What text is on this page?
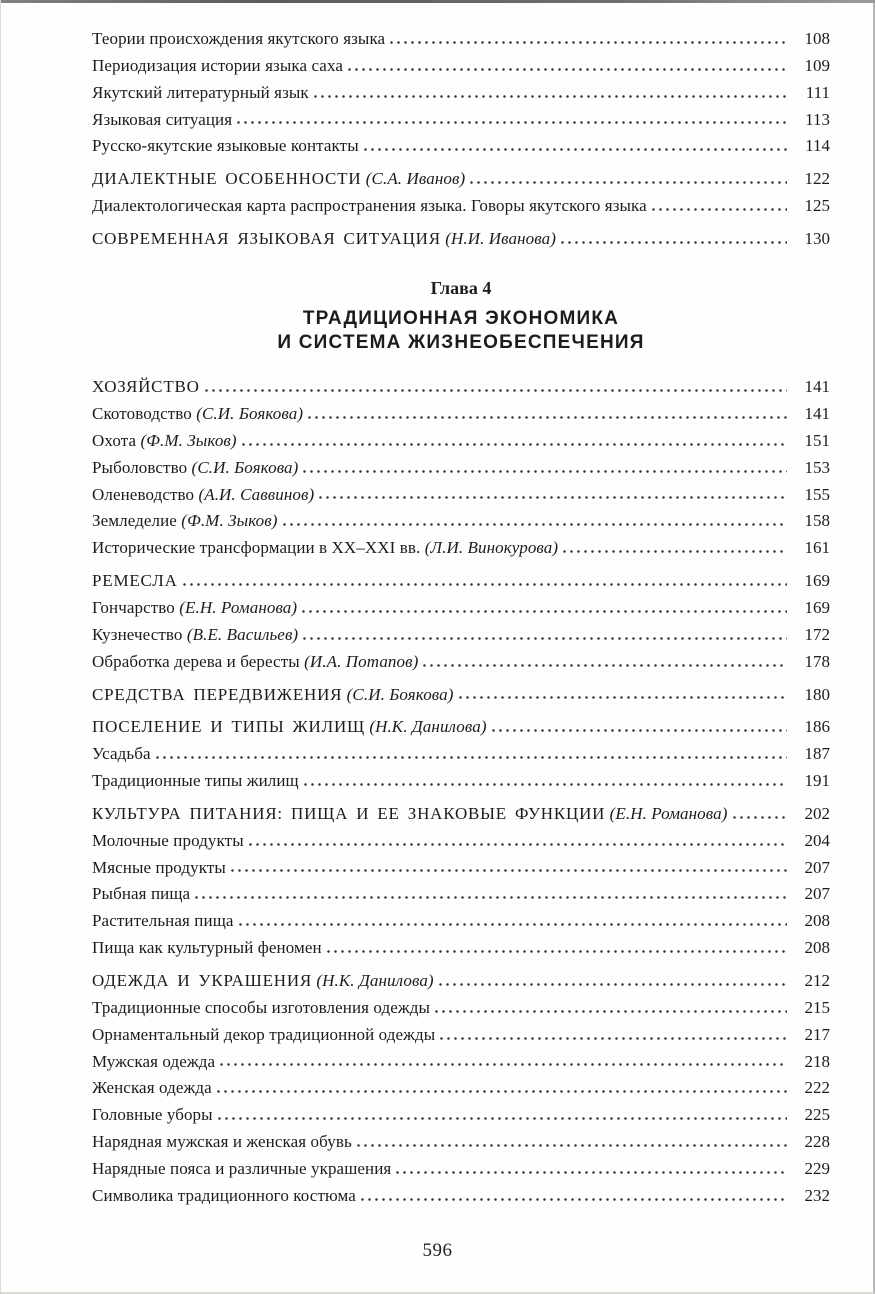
Теории происхождения якутского языка	108
Периодизация истории языка саха	109
Якутский литературный язык	111
Языковая ситуация	113
Русско-якутские языковые контакты	114
ДИАЛЕКТНЫЕ ОСОБЕННОСТИ (С.А. Иванов)	122
Диалектологическая карта распространения языка. Говоры якутского языка	125
СОВРЕМЕННАЯ ЯЗЫКОВАЯ СИТУАЦИЯ (Н.И. Иванова)	130
Глава 4
ТРАДИЦИОННАЯ ЭКОНОМИКА
И СИСТЕМА ЖИЗНЕОБЕСПЕЧЕНИЯ
ХОЗЯЙСТВО	141
Скотоводство (С.И. Боякова)	141
Охота (Ф.М. Зыков)	151
Рыболовство (С.И. Боякова)	153
Оленеводство (А.И. Саввинов)	155
Земледелие (Ф.М. Зыков)	158
Исторические трансформации в XX–XXI вв. (Л.И. Винокурова)	161
РЕМЕСЛА	169
Гончарство (Е.Н. Романова)	169
Кузнечество (В.Е. Васильев)	172
Обработка дерева и бересты (И.А. Потапов)	178
СРЕДСТВА ПЕРЕДВИЖЕНИЯ (С.И. Боякова)	180
ПОСЕЛЕНИЕ И ТИПЫ ЖИЛИЩ (Н.К. Данилова)	186
Усадьба	187
Традиционные типы жилищ	191
КУЛЬТУРА ПИТАНИЯ: ПИЩА И ЕЕ ЗНАКОВЫЕ ФУНКЦИИ (Е.Н. Романова)	202
Молочные продукты	204
Мясные продукты	207
Рыбная пища	207
Растительная пища	208
Пища как культурный феномен	208
ОДЕЖДА И УКРАШЕНИЯ (Н.К. Данилова)	212
Традиционные способы изготовления одежды	215
Орнаментальный декор традиционной одежды	217
Мужская одежда	218
Женская одежда	222
Головные уборы	225
Нарядная мужская и женская обувь	228
Нарядные пояса и различные украшения	229
Символика традиционного костюма	232
596
